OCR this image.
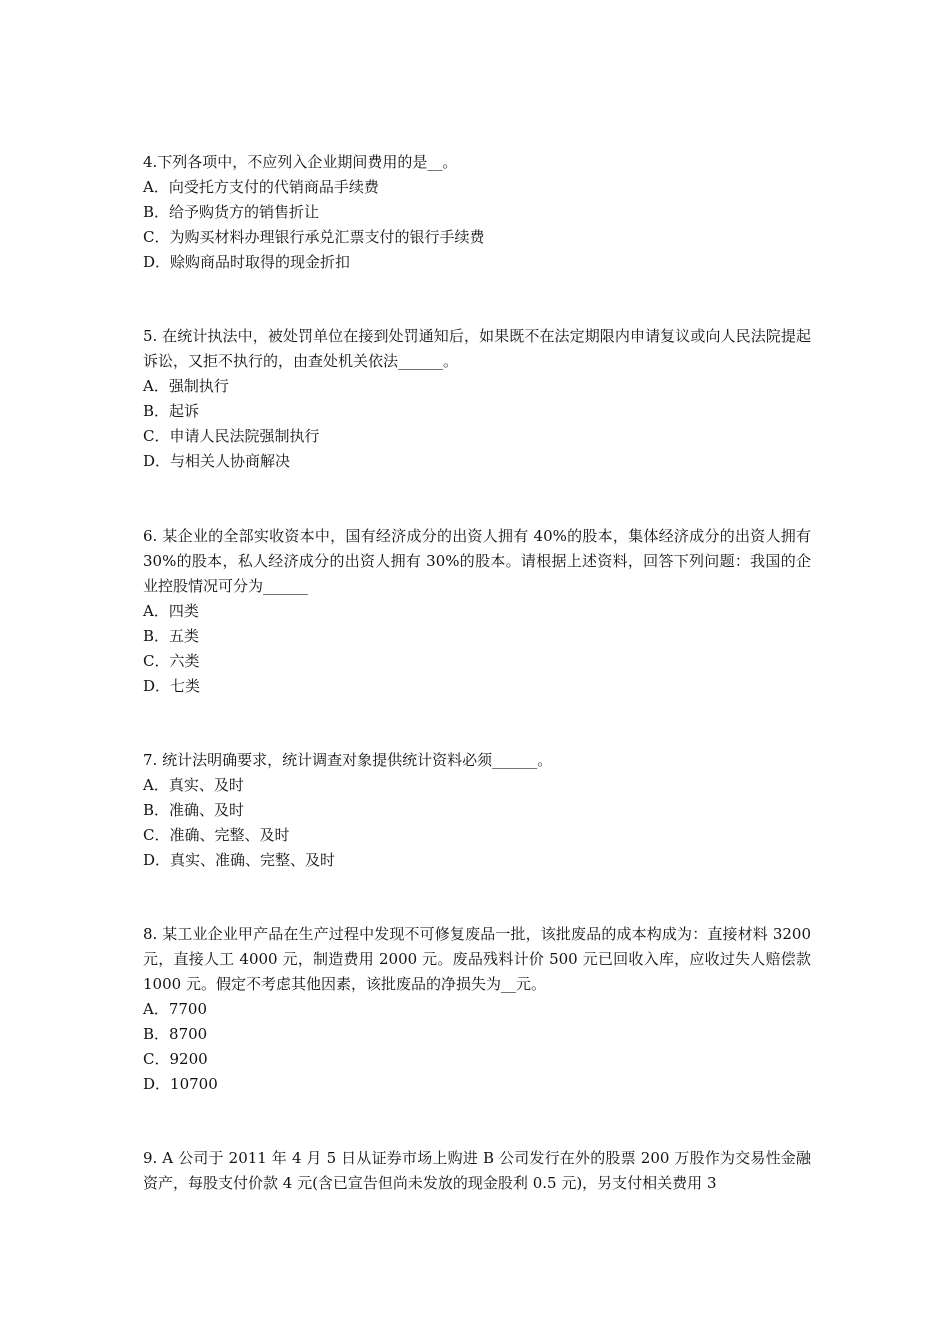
4.下列各项中，不应列入企业期间费用的是__。

A．向受托方支付的代销商品手续费

B．给予购货方的销售折让

C．为购买材料办理银行承兑汇票支付的银行手续费

D．赊购商品时取得的现金折扣

5. 在统计执法中，被处罚单位在接到处罚通知后，如果既不在法定期限内申请复议或向人民法院提起诉讼，又拒不执行的，由查处机关依法______。

A．强制执行

B．起诉

C．申请人民法院强制执行

D．与相关人协商解决

6. 某企业的全部实收资本中，国有经济成分的出资人拥有 40%的股本，集体经济成分的出资人拥有 30%的股本，私人经济成分的出资人拥有 30%的股本。请根据上述资料，回答下列问题：我国的企业控股情况可分为______

A．四类

B．五类

C．六类

D．七类

7. 统计法明确要求，统计调查对象提供统计资料必须______。

A．真实、及时

B．准确、及时

C．准确、完整、及时

D．真实、准确、完整、及时

8. 某工业企业甲产品在生产过程中发现不可修复废品一批，该批废品的成本构成为：直接材料 3200 元，直接人工 4000 元，制造费用 2000 元。废品残料计价 500 元已回收入库，应收过失人赔偿款 1000 元。假定不考虑其他因素，该批废品的净损失为__元。

A．7700

B．8700

C．9200

D．10700

9. A 公司于 2011 年 4 月 5 日从证券市场上购进 B 公司发行在外的股票 200 万股作为交易性金融资产，每股支付价款 4 元(含已宣告但尚未发放的现金股利 0.5 元)，另支付相关费用 3
